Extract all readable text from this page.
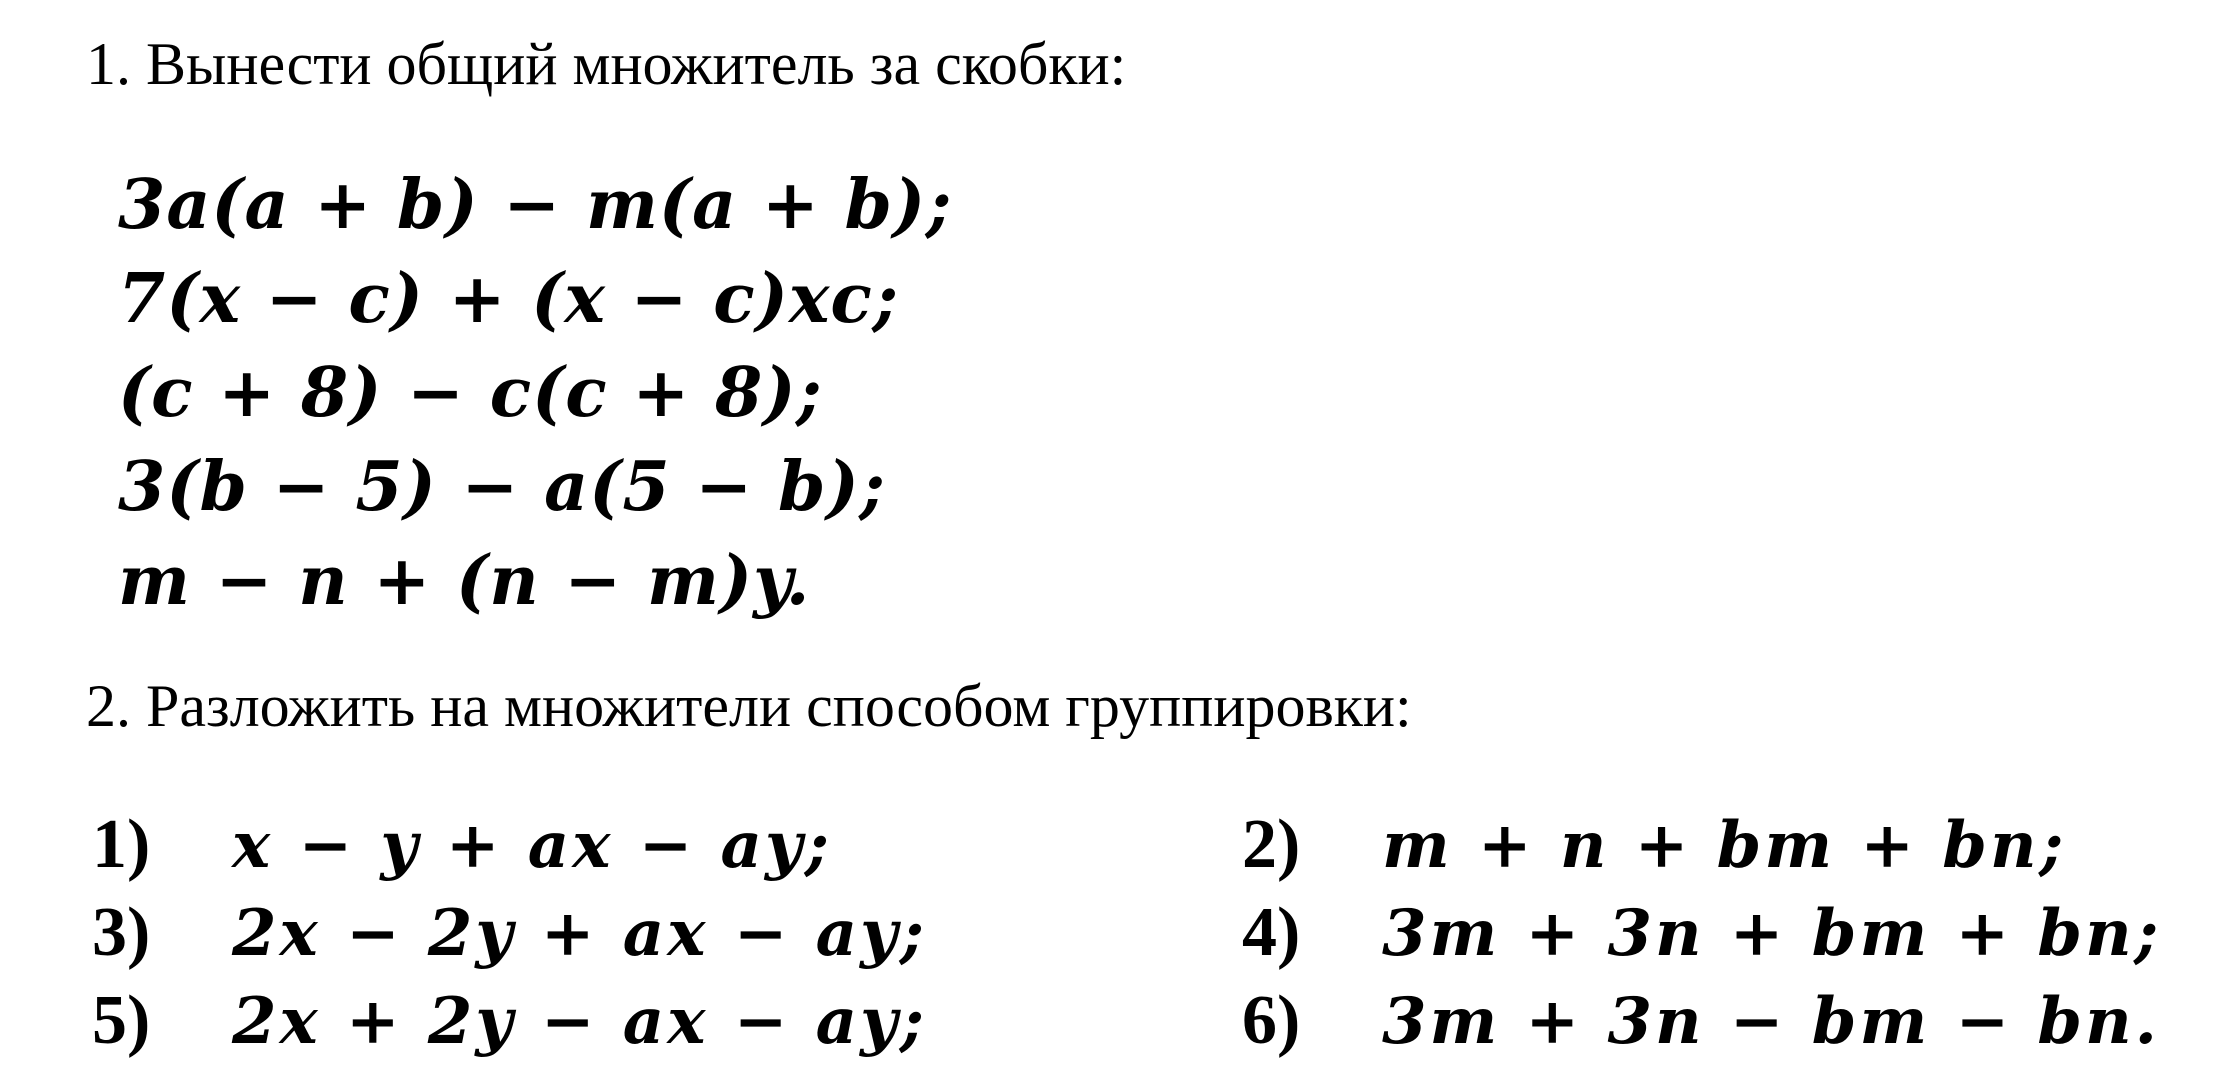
1. Вынести общий множитель за скобки:
3a(a + b) − m(a + b);
7(x − c) + (x − c)xc;
(c + 8) − c(c + 8);
3(b − 5) − a(5 − b);
m − n + (n − m)y.
2. Разложить на множители способом группировки:
1) x − y + ax − ay;	2) m + n + bm + bn;
3) 2x − 2y + ax − ay;	4) 3m + 3n + bm + bn;
5) 2x + 2y − ax − ay;	6) 3m + 3n − bm − bn.
